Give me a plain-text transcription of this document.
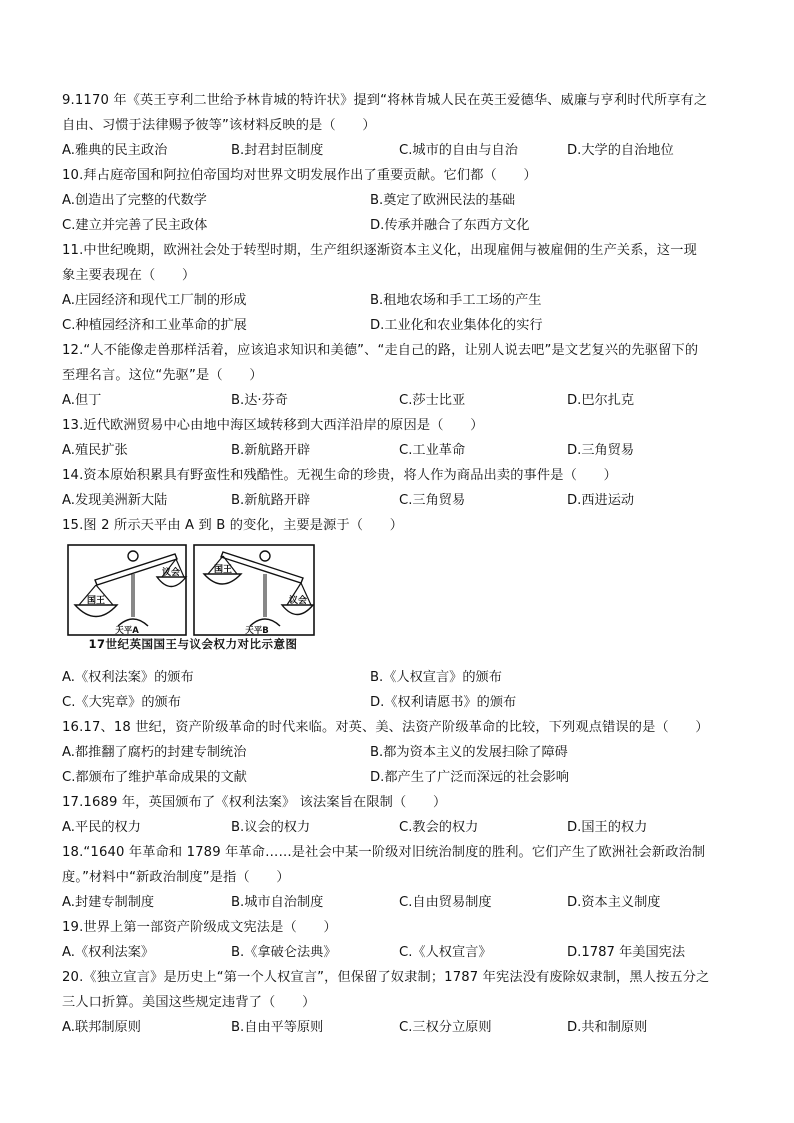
9.1170 年《英王亨利二世给予林肯城的特许状》提到“将林肯城人民在英王爱德华、威廉与亨利时代所享有之
自由、习惯于法律赐予彼等”该材料反映的是（　　）
A.雅典的民主政治	B.封君封臣制度	C.城市的自由与自治	D.大学的自治地位
10.拜占庭帝国和阿拉伯帝国均对世界文明发展作出了重要贡献。它们都（　　）
A.创造出了完整的代数学	B.奠定了欧洲民法的基础
C.建立并完善了民主政体	D.传承并融合了东西方文化
11.中世纪晚期，欧洲社会处于转型时期，生产组织逐渐资本主义化，出现雇佣与被雇佣的生产关系，这一现
象主要表现在（　　）
A.庄园经济和现代工厂制的形成	B.租地农场和手工工场的产生
C.种植园经济和工业革命的扩展	D.工业化和农业集体化的实行
12.“人不能像走兽那样活着，应该追求知识和美德”、“走自己的路，让别人说去吧”是文艺复兴的先驱留下的
至理名言。这位“先驱”是（　　）
A.但丁	B.达·芬奇	C.莎士比亚	D.巴尔扎克
13.近代欧洲贸易中心由地中海区域转移到大西洋沿岸的原因是（　　）
A.殖民扩张	B.新航路开辟	C.工业革命	D.三角贸易
14.资本原始积累具有野蛮性和残酷性。无视生命的珍贵，将人作为商品出卖的事件是（　　）
A.发现美洲新大陆	B.新航路开辟	C.三角贸易	D.西进运动
15.图 2 所示天平由 A 到 B 的变化，主要是源于（　　）
国王
议会
天平A
国王
议会
天平B
17世纪英国国王与议会权力对比示意图
A.《权利法案》的颁布	B.《人权宣言》的颁布
C.《大宪章》的颁布	D.《权利请愿书》的颁布
16.17、18 世纪，资产阶级革命的时代来临。对英、美、法资产阶级革命的比较，下列观点错误的是（　　）
A.都推翻了腐朽的封建专制统治	B.都为资本主义的发展扫除了障碍
C.都颁布了维护革命成果的文献	D.都产生了广泛而深远的社会影响
17.1689 年，英国颁布了《权利法案》 该法案旨在限制（　　）
A.平民的权力	B.议会的权力	C.教会的权力	D.国王的权力
18.“1640 年革命和 1789 年革命……是社会中某一阶级对旧统治制度的胜利。它们产生了欧洲社会新政治制
度。”材料中“新政治制度”是指（　　）
A.封建专制制度	B.城市自治制度	C.自由贸易制度	D.资本主义制度
19.世界上第一部资产阶级成文宪法是（　　）
A.《权利法案》	B.《拿破仑法典》	C.《人权宣言》	D.1787 年美国宪法
20.《独立宣言》是历史上“第一个人权宣言”，但保留了奴隶制；1787 年宪法没有废除奴隶制，黑人按五分之
三人口折算。美国这些规定违背了（　　）
A.联邦制原则	B.自由平等原则	C.三权分立原则	D.共和制原则
